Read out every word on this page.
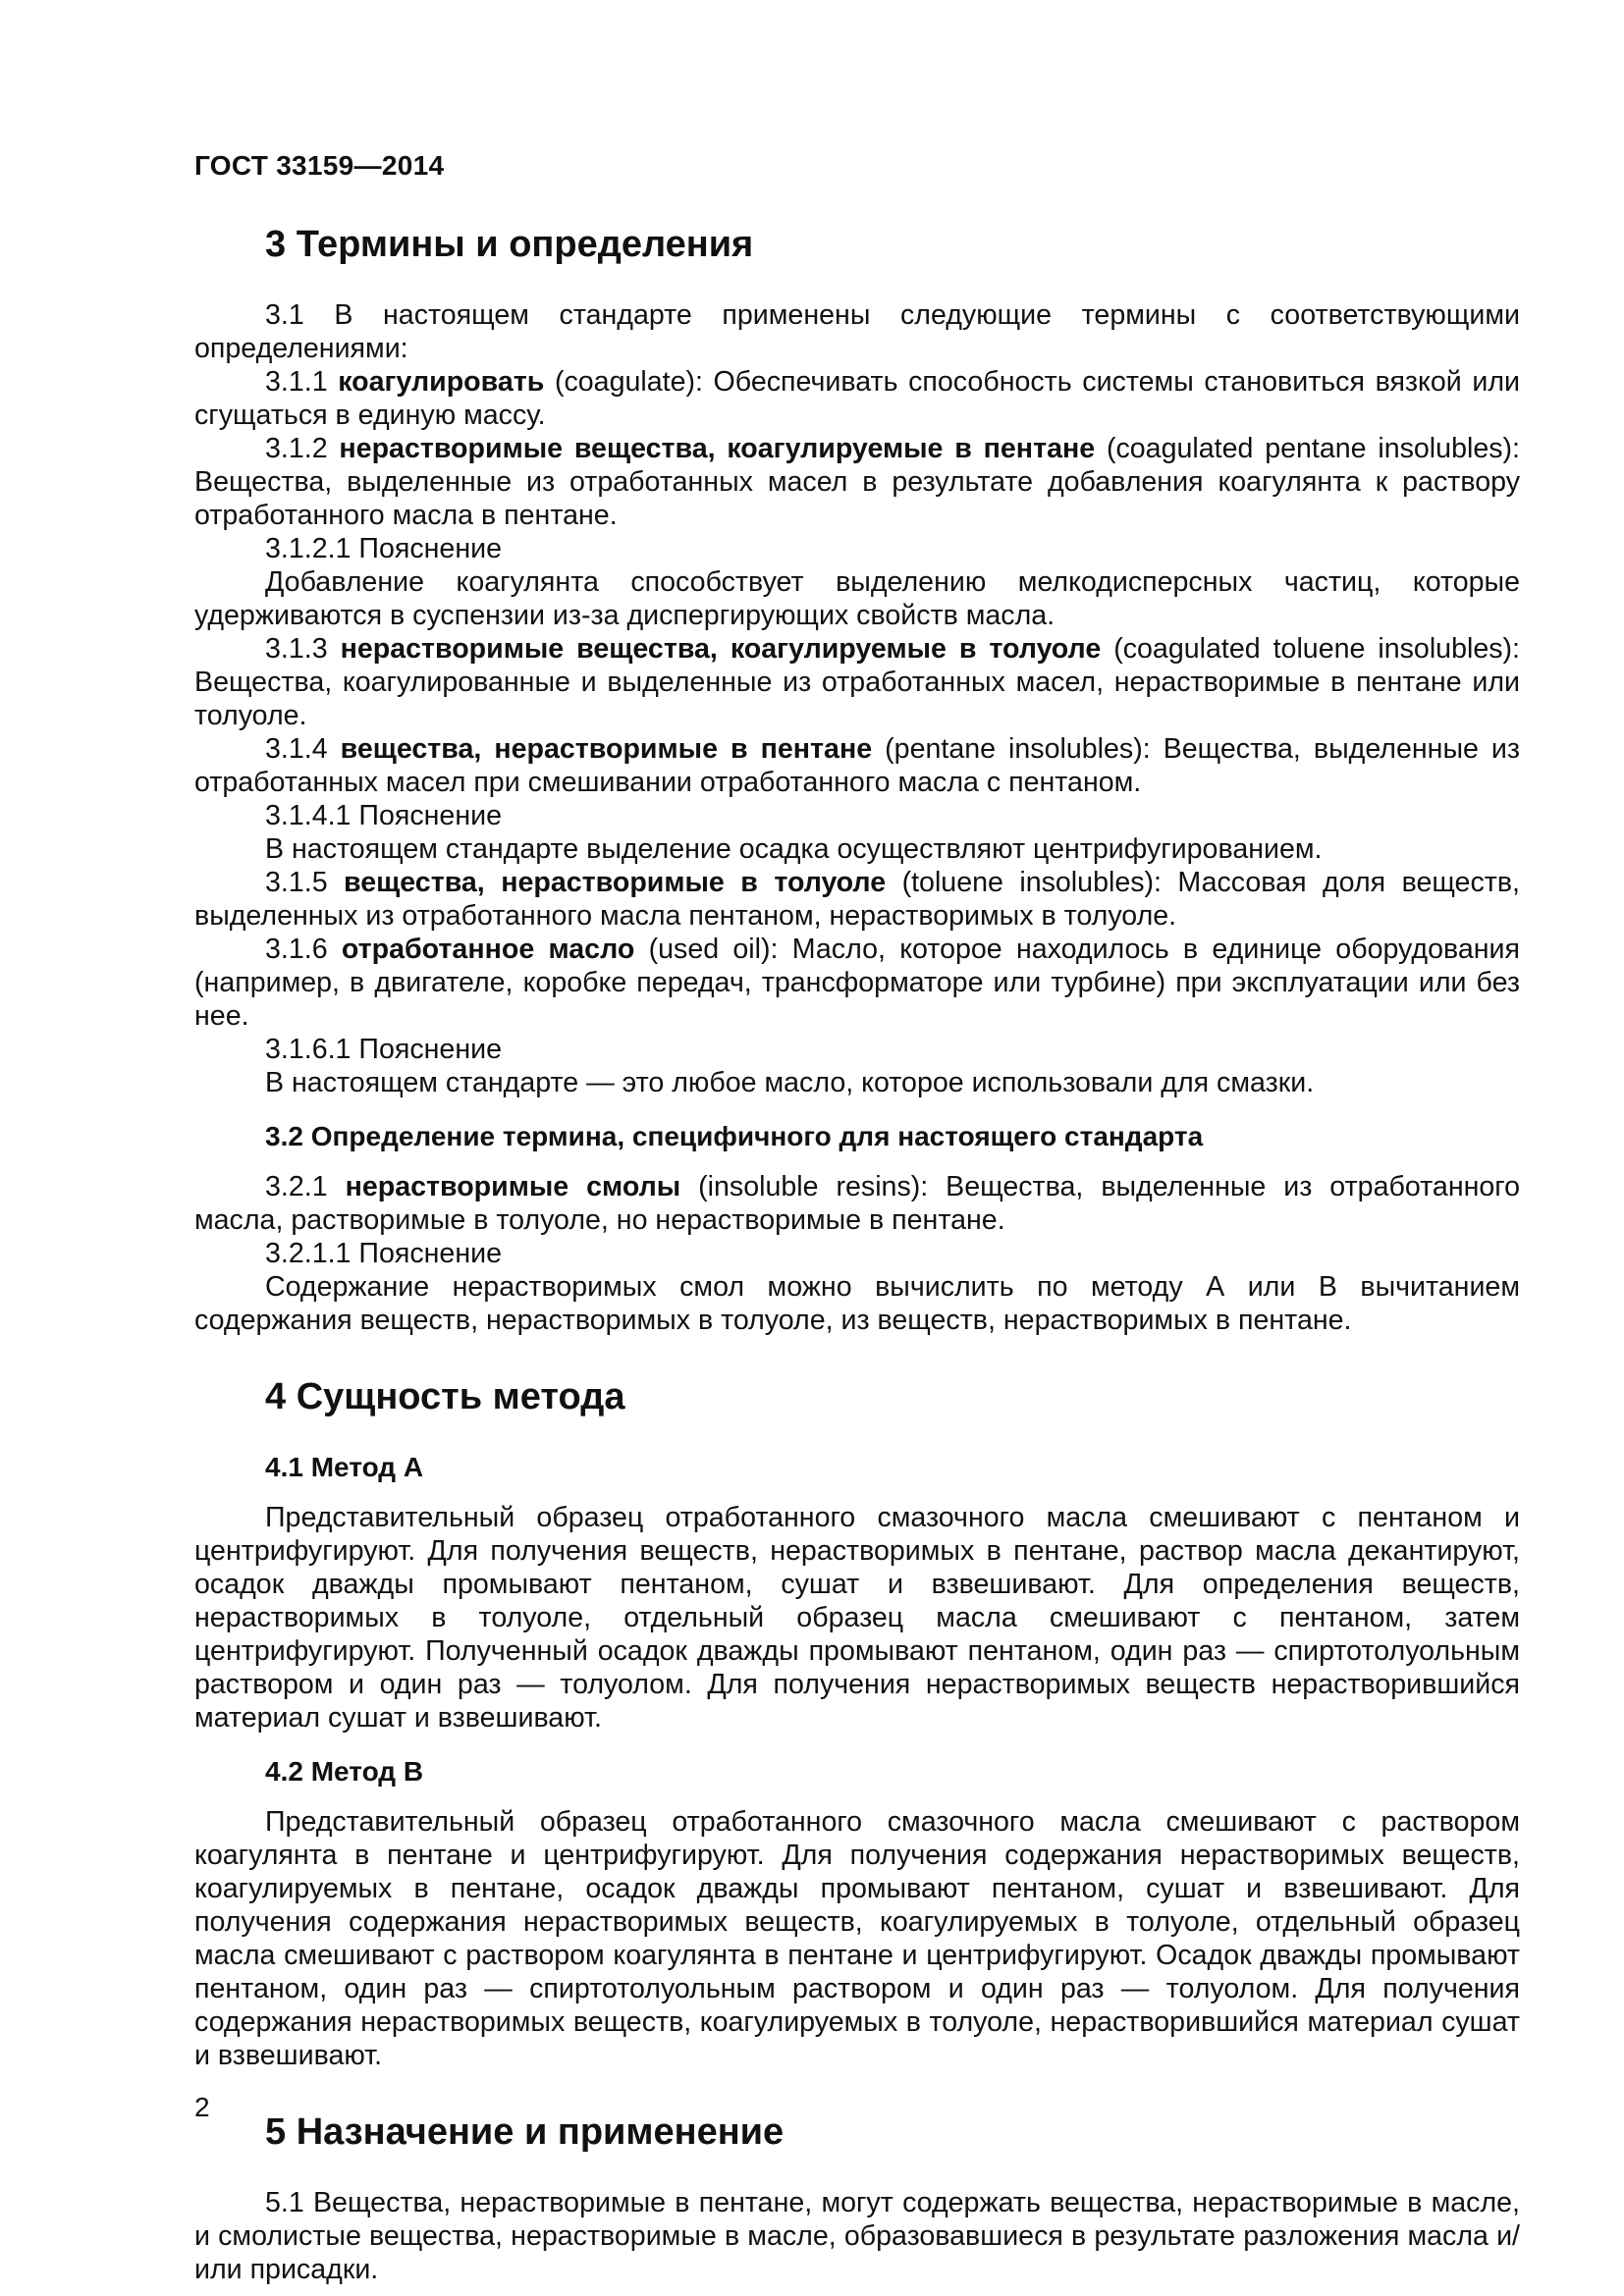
ГОСТ 33159—2014
3 Термины и определения

3.1 В настоящем стандарте применены следующие термины с соответствующими определениями:

3.1.1 коагулировать (coagulate): Обеспечивать способность системы становиться вязкой или сгущаться в единую массу.

3.1.2 нерастворимые вещества, коагулируемые в пентане (coagulated pentane insolubles): Вещества, выделенные из отработанных масел в результате добавления коагулянта к раствору отработанного масла в пентане.

3.1.2.1 Пояснение

Добавление коагулянта способствует выделению мелкодисперсных частиц, которые удерживаются в суспензии из-за диспергирующих свойств масла.

3.1.3 нерастворимые вещества, коагулируемые в толуоле (coagulated toluene insolubles): Вещества, коагулированные и выделенные из отработанных масел, нерастворимые в пентане или толуоле.

3.1.4 вещества, нерастворимые в пентане (pentane insolubles): Вещества, выделенные из отработанных масел при смешивании отработанного масла с пентаном.

3.1.4.1 Пояснение

В настоящем стандарте выделение осадка осуществляют центрифугированием.

3.1.5 вещества, нерастворимые в толуоле (toluene insolubles): Массовая доля веществ, выделенных из отработанного масла пентаном, нерастворимых в толуоле.

3.1.6 отработанное масло (used oil): Масло, которое находилось в единице оборудования (например, в двигателе, коробке передач, трансформаторе или турбине) при эксплуатации или без нее.

3.1.6.1 Пояснение

В настоящем стандарте — это любое масло, которое использовали для смазки.

3.2 Определение термина, специфичного для настоящего стандарта

3.2.1 нерастворимые смолы (insoluble resins): Вещества, выделенные из отработанного масла, растворимые в толуоле, но нерастворимые в пентане.

3.2.1.1 Пояснение

Содержание нерастворимых смол можно вычислить по методу А или В вычитанием содержания веществ, нерастворимых в толуоле, из веществ, нерастворимых в пентане.

4 Сущность метода
4.1 Метод А

Представительный образец отработанного смазочного масла смешивают с пентаном и центрифугируют. Для получения веществ, нерастворимых в пентане, раствор масла декантируют, осадок дважды промывают пентаном, сушат и взвешивают. Для определения веществ, нерастворимых в толуоле, отдельный образец масла смешивают с пентаном, затем центрифугируют. Полученный осадок дважды промывают пентаном, один раз — спиртотолуольным раствором и один раз — толуолом. Для получения нерастворимых веществ нерастворившийся материал сушат и взвешивают.

4.2 Метод В

Представительный образец отработанного смазочного масла смешивают с раствором коагулянта в пентане и центрифугируют. Для получения содержания нерастворимых веществ, коагулируемых в пентане, осадок дважды промывают пентаном, сушат и взвешивают. Для получения содержания нерастворимых веществ, коагулируемых в толуоле, отдельный образец масла смешивают с раствором коагулянта в пентане и центрифугируют. Осадок дважды промывают пентаном, один раз — спиртотолуольным раствором и один раз — толуолом. Для получения содержания нерастворимых веществ, коагулируемых в толуоле, нерастворившийся материал сушат и взвешивают.

5 Назначение и применение

5.1 Вещества, нерастворимые в пентане, могут содержать вещества, нерастворимые в масле, и смолистые вещества, нерастворимые в масле, образовавшиеся в результате разложения масла и/или присадки.

2
